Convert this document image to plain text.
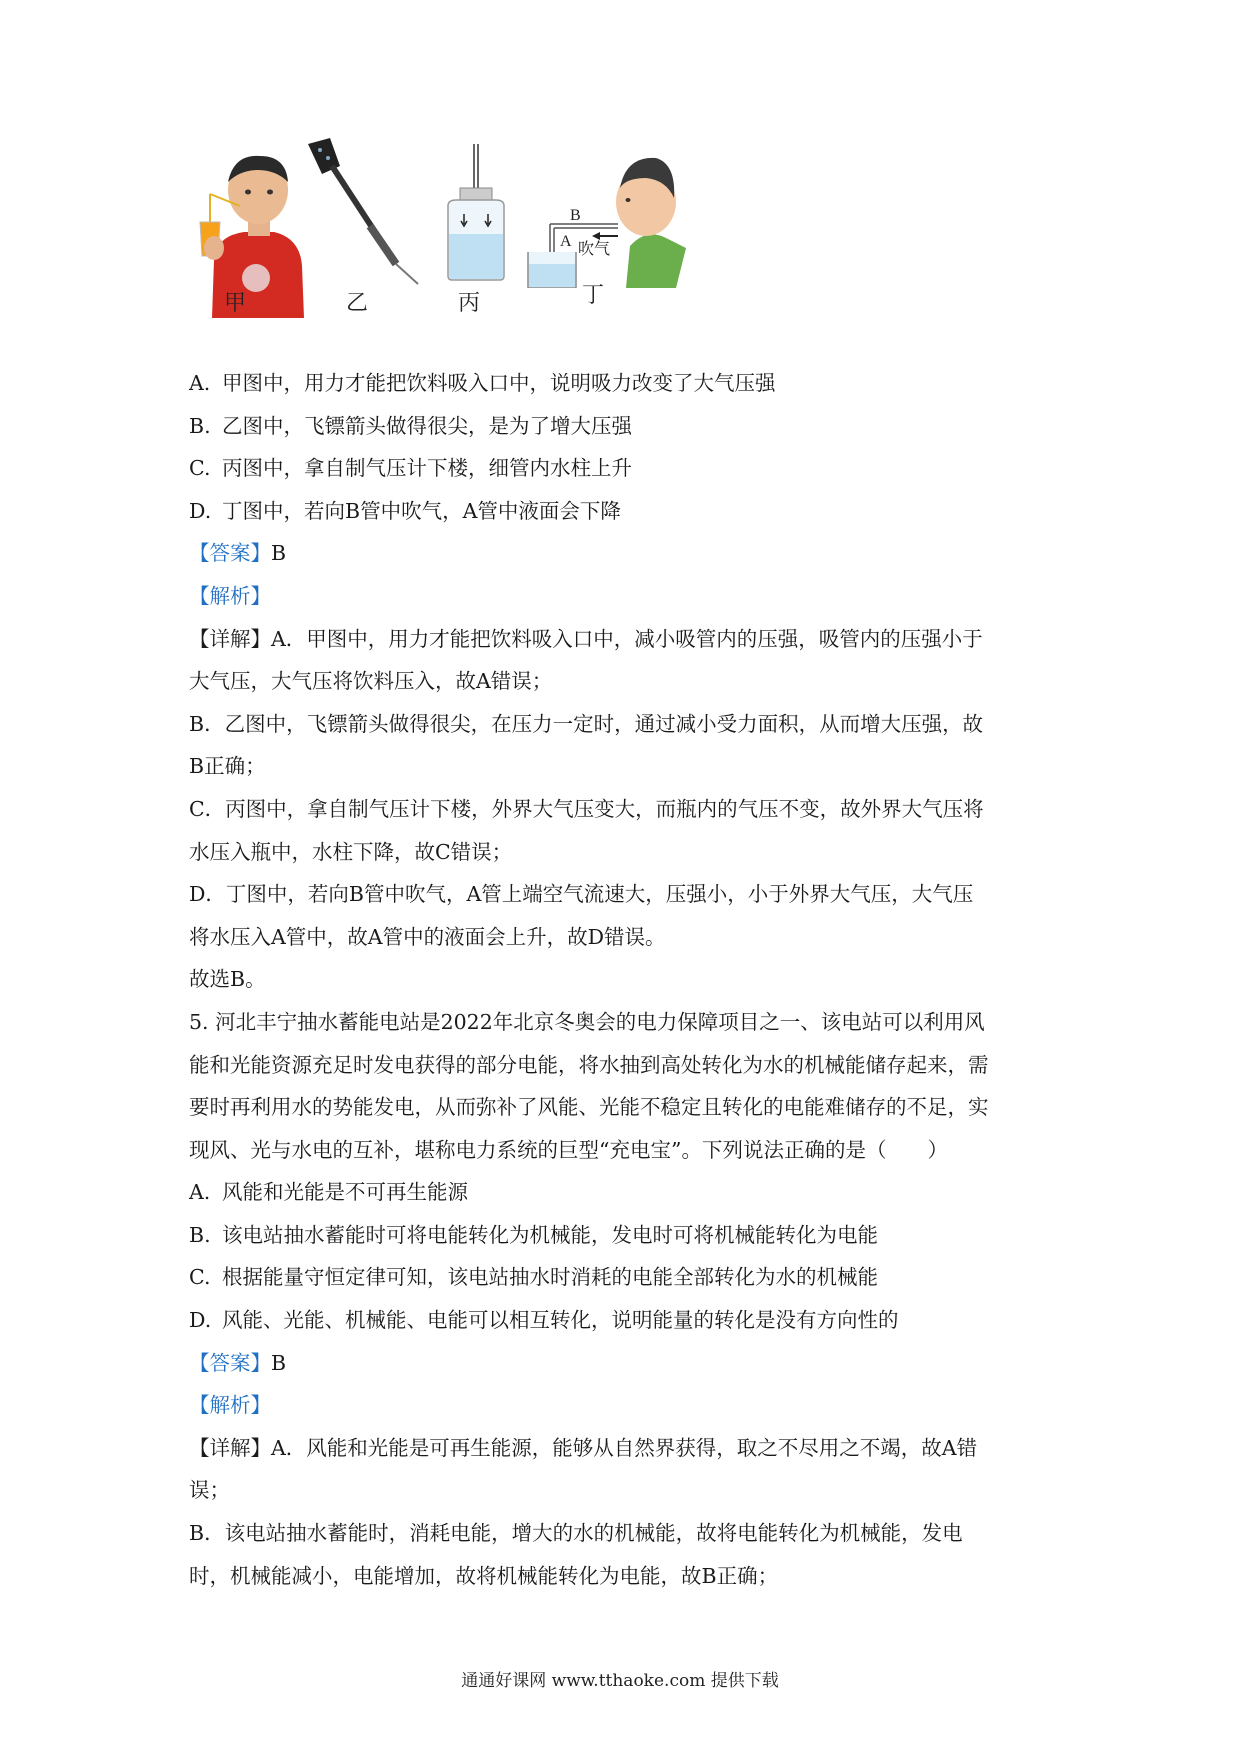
B
A 吹气
甲	乙	丙	丁
A. 甲图中，用力才能把饮料吸入口中，说明吸力改变了大气压强
B. 乙图中，飞镖箭头做得很尖，是为了增大压强
C. 丙图中，拿自制气压计下楼，细管内水柱上升
D. 丁图中，若向B管中吹气，A管中液面会下降
【答案】B
【解析】
【详解】A．甲图中，用力才能把饮料吸入口中，减小吸管内的压强，吸管内的压强小于
大气压，大气压将饮料压入，故A错误；
B．乙图中，飞镖箭头做得很尖，在压力一定时，通过减小受力面积，从而增大压强，故
B正确；
C．丙图中，拿自制气压计下楼，外界大气压变大，而瓶内的气压不变，故外界大气压将
水压入瓶中，水柱下降，故C错误；
D．丁图中，若向B管中吹气，A管上端空气流速大，压强小，小于外界大气压，大气压
将水压入A管中，故A管中的液面会上升，故D错误。
故选B。
5. 河北丰宁抽水蓄能电站是2022年北京冬奥会的电力保障项目之一、该电站可以利用风
能和光能资源充足时发电获得的部分电能，将水抽到高处转化为水的机械能储存起来，需
要时再利用水的势能发电，从而弥补了风能、光能不稳定且转化的电能难储存的不足，实
现风、光与水电的互补，堪称电力系统的巨型“充电宝”。下列说法正确的是（　　）
A. 风能和光能是不可再生能源
B. 该电站抽水蓄能时可将电能转化为机械能，发电时可将机械能转化为电能
C. 根据能量守恒定律可知，该电站抽水时消耗的电能全部转化为水的机械能
D. 风能、光能、机械能、电能可以相互转化，说明能量的转化是没有方向性的
【答案】B
【解析】
【详解】A．风能和光能是可再生能源，能够从自然界获得，取之不尽用之不竭，故A错
误；
B．该电站抽水蓄能时，消耗电能，增大的水的机械能，故将电能转化为机械能，发电
时，机械能减小，电能增加，故将机械能转化为电能，故B正确；
通通好课网 www.tthaoke.com 提供下载
